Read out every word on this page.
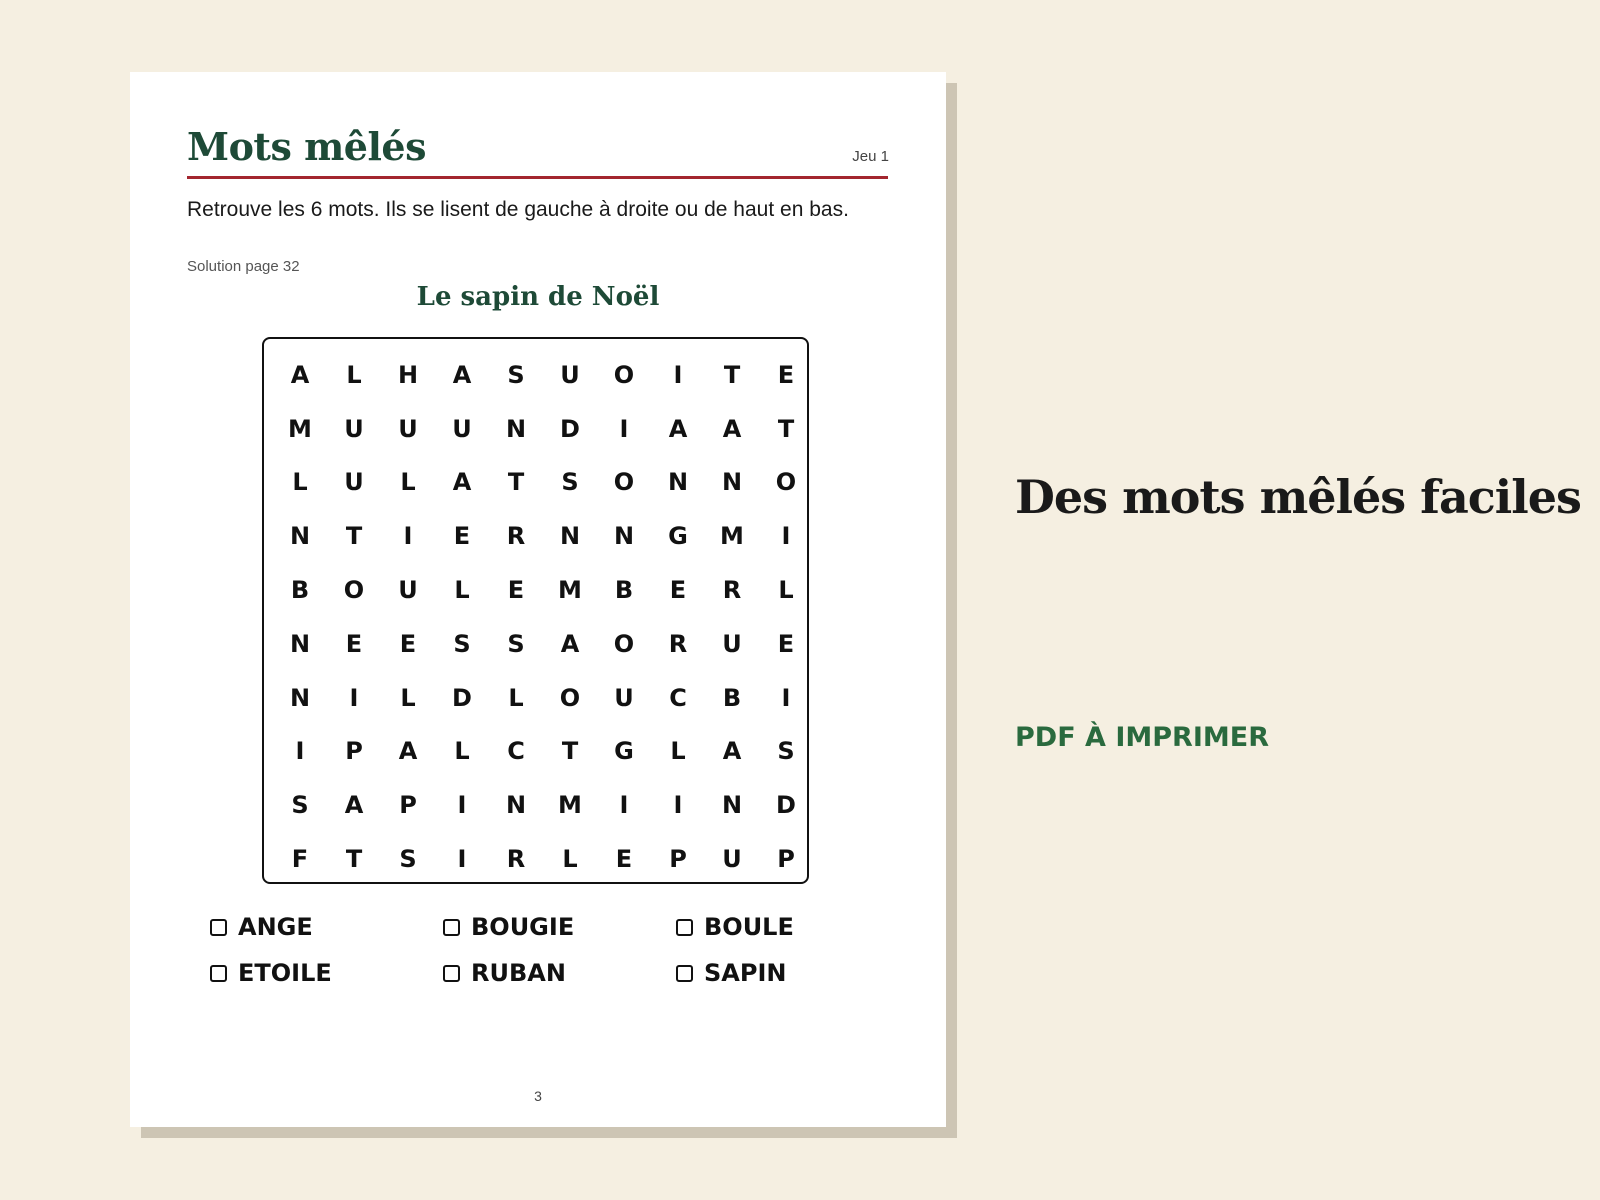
Mots mêlés	Jeu 1
Retrouve les 6 mots. Ils se lisent de gauche à droite ou de haut en bas.
Solution page 32
Le sapin de Noël
A	L	H	A	S	U	O	I	T	E
M	U	U	U	N	D	I	A	A	T
L	U	L	A	T	S	O	N	N	O
N	T	I	E	R	N	N	G	M	I
B	O	U	L	E	M	B	E	R	L
N	E	E	S	S	A	O	R	U	E
N	I	L	D	L	O	U	C	B	I
I	P	A	L	C	T	G	L	A	S
S	A	P	I	N	M	I	I	N	D
F	T	S	I	R	L	E	P	U	P
ANGE	BOUGIE	BOULE
ETOILE	RUBAN	SAPIN
3
Des mots mêlés faciles
PDF À IMPRIMER
